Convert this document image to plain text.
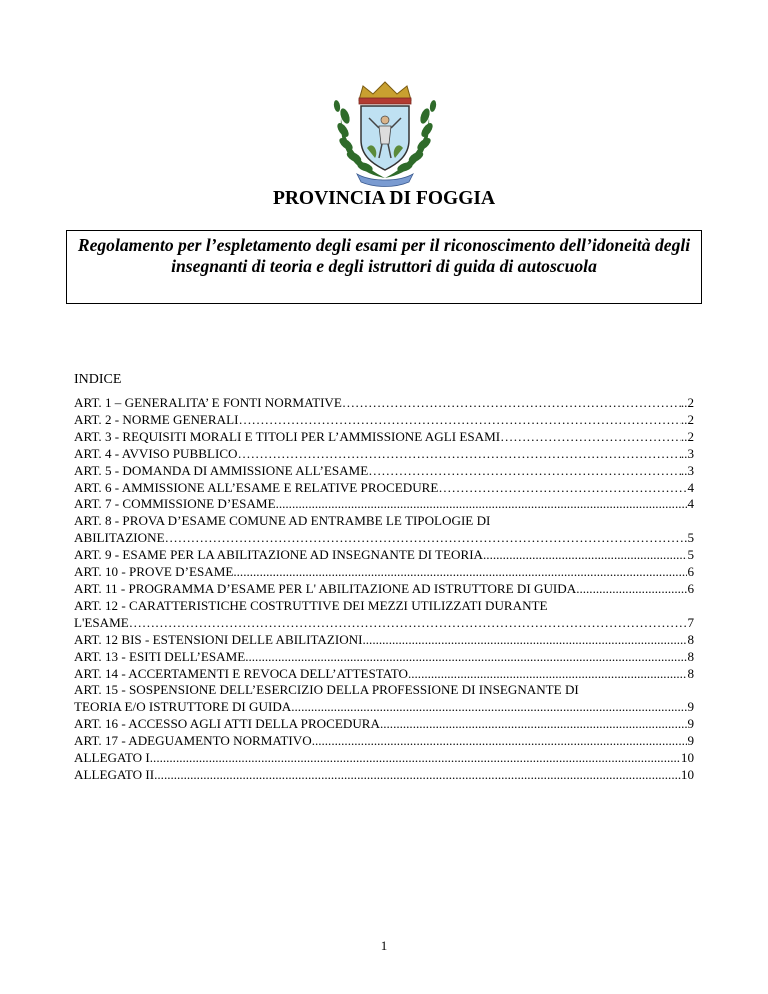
PROVINCIA DI FOGGIA
Regolamento per l’espletamento degli esami per il riconoscimento dell’idoneità degli insegnanti di teoria e degli istruttori di guida di autoscuola
INDICE
ART. 1 – GENERALITA’ E FONTI NORMATIVE ……………………………………………………………………………………………………………………………………………	..2
ART. 2 - NORME GENERALI ……………………………………………………………………………………………………………………………………………	..2
ART. 3 - REQUISITI MORALI E TITOLI PER L’AMMISSIONE AGLI ESAMI ……………………………………………………………………………………………………………………………………………	..2
ART. 4 - AVVISO PUBBLICO ……………………………………………………………………………………………………………………………………………	..3
ART. 5 - DOMANDA DI AMMISSIONE ALL’ESAME ……………………………………………………………………………………………………………………………………………	..3
ART. 6 - AMMISSIONE ALL’ESAME E RELATIVE PROCEDURE ……………………………………………………………………………………………………………………………………………	4
ART. 7 - COMMISSIONE D’ESAME .....	4
ART. 8 - PROVA D’ESAME COMUNE AD ENTRAMBE LE TIPOLOGIE DI
ABILITAZIONE ……………………………………………………………………………………………………………………………………………	.5
ART. 9 - ESAME PER LA ABILITAZIONE AD INSEGNANTE DI TEORIA .....	5
ART. 10 - PROVE D’ESAME .....	6
ART. 11 - PROGRAMMA D’ESAME PER L' ABILITAZIONE AD ISTRUTTORE DI GUIDA .....	..6
ART. 12 - CARATTERISTICHE COSTRUTTIVE DEI MEZZI UTILIZZATI DURANTE
L'ESAME ……………………………………………………………………………………………………………………………………………	7
ART. 12 BIS - ESTENSIONI DELLE ABILITAZIONI .....	8
ART. 13 - ESITI DELL’ESAME .....	8
ART. 14 - ACCERTAMENTI E REVOCA DELL’ATTESTATO .....	8
ART. 15 - SOSPENSIONE DELL’ESERCIZIO DELLA PROFESSIONE DI INSEGNANTE DI
TEORIA E/O ISTRUTTORE DI GUIDA .....	9
ART. 16 - ACCESSO AGLI ATTI DELLA PROCEDURA .....	9
ART. 17 - ADEGUAMENTO NORMATIVO .....	9
ALLEGATO I .....	10
ALLEGATO II .....	10
1
